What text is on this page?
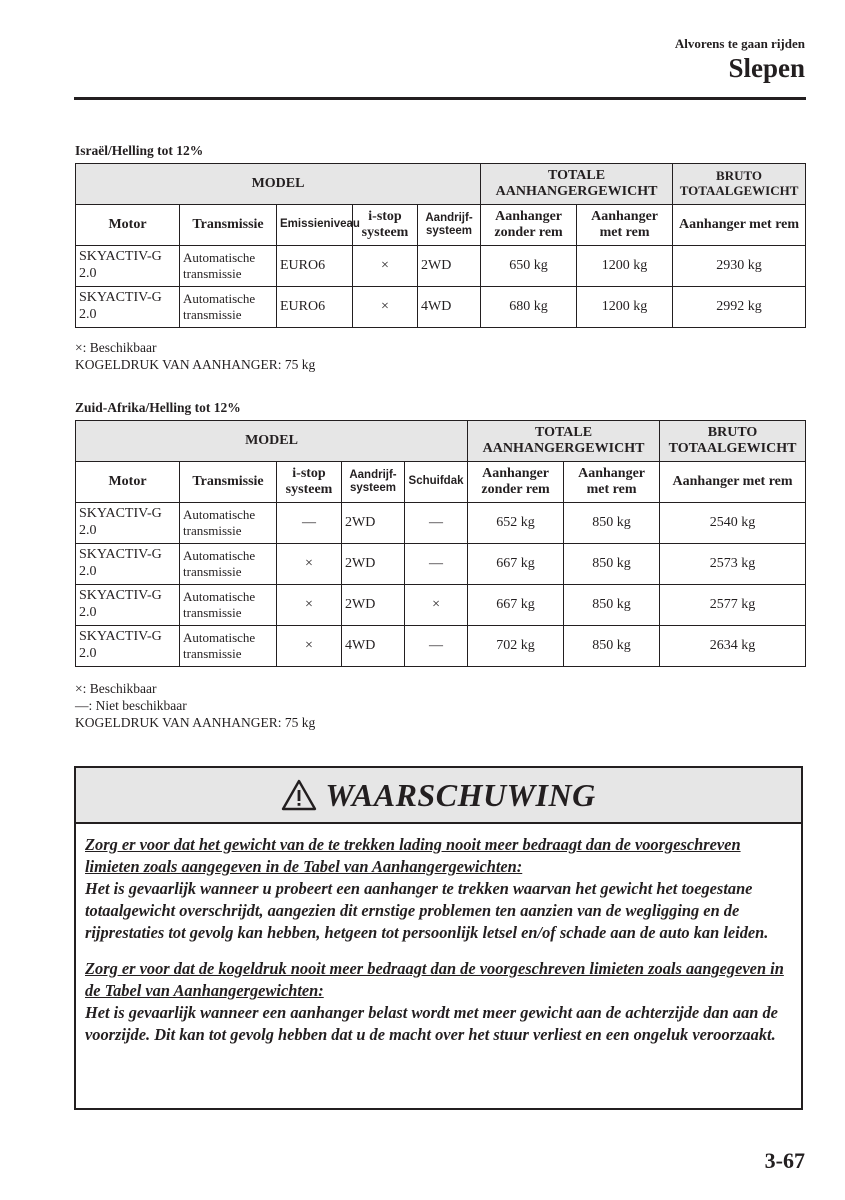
Alvorens te gaan rijden
Slepen
Israël/Helling tot 12%
MODEL					TOTALE AANHANGERGEWICHT		BRUTO TOTAALGEWICHT
Motor	Transmissie	Emissieniveau	i-stop systeem	Aandrijf-systeem	Aanhanger zonder rem	Aanhanger met rem	Aanhanger met rem
SKYACTIV-G 2.0	Automatische transmissie	EURO6	×	2WD	650 kg	1200 kg	2930 kg
SKYACTIV-G 2.0	Automatische transmissie	EURO6	×	4WD	680 kg	1200 kg	2992 kg
×: Beschikbaar
KOGELDRUK VAN AANHANGER: 75 kg
Zuid-Afrika/Helling tot 12%
MODEL					TOTALE AANHANGERGEWICHT		BRUTO TOTAALGEWICHT
Motor	Transmissie	i-stop systeem	Aandrijf-systeem	Schuifdak	Aanhanger zonder rem	Aanhanger met rem	Aanhanger met rem
SKYACTIV-G 2.0	Automatische transmissie	—	2WD	—	652 kg	850 kg	2540 kg
SKYACTIV-G 2.0	Automatische transmissie	×	2WD	—	667 kg	850 kg	2573 kg
SKYACTIV-G 2.0	Automatische transmissie	×	2WD	×	667 kg	850 kg	2577 kg
SKYACTIV-G 2.0	Automatische transmissie	×	4WD	—	702 kg	850 kg	2634 kg
×: Beschikbaar
—: Niet beschikbaar
KOGELDRUK VAN AANHANGER: 75 kg
WAARSCHUWING

Zorg er voor dat het gewicht van de te trekken lading nooit meer bedraagt dan de voorgeschreven limieten zoals aangegeven in de Tabel van Aanhangergewichten:
Het is gevaarlijk wanneer u probeert een aanhanger te trekken waarvan het gewicht het toegestane totaalgewicht overschrijdt, aangezien dit ernstige problemen ten aanzien van de wegligging en de rijprestaties tot gevolg kan hebben, hetgeen tot persoonlijk letsel en/of schade aan de auto kan leiden.

Zorg er voor dat de kogeldruk nooit meer bedraagt dan de voorgeschreven limieten zoals aangegeven in de Tabel van Aanhangergewichten:
Het is gevaarlijk wanneer een aanhanger belast wordt met meer gewicht aan de achterzijde dan aan de voorzijde. Dit kan tot gevolg hebben dat u de macht over het stuur verliest en een ongeluk veroorzaakt.

3-67
